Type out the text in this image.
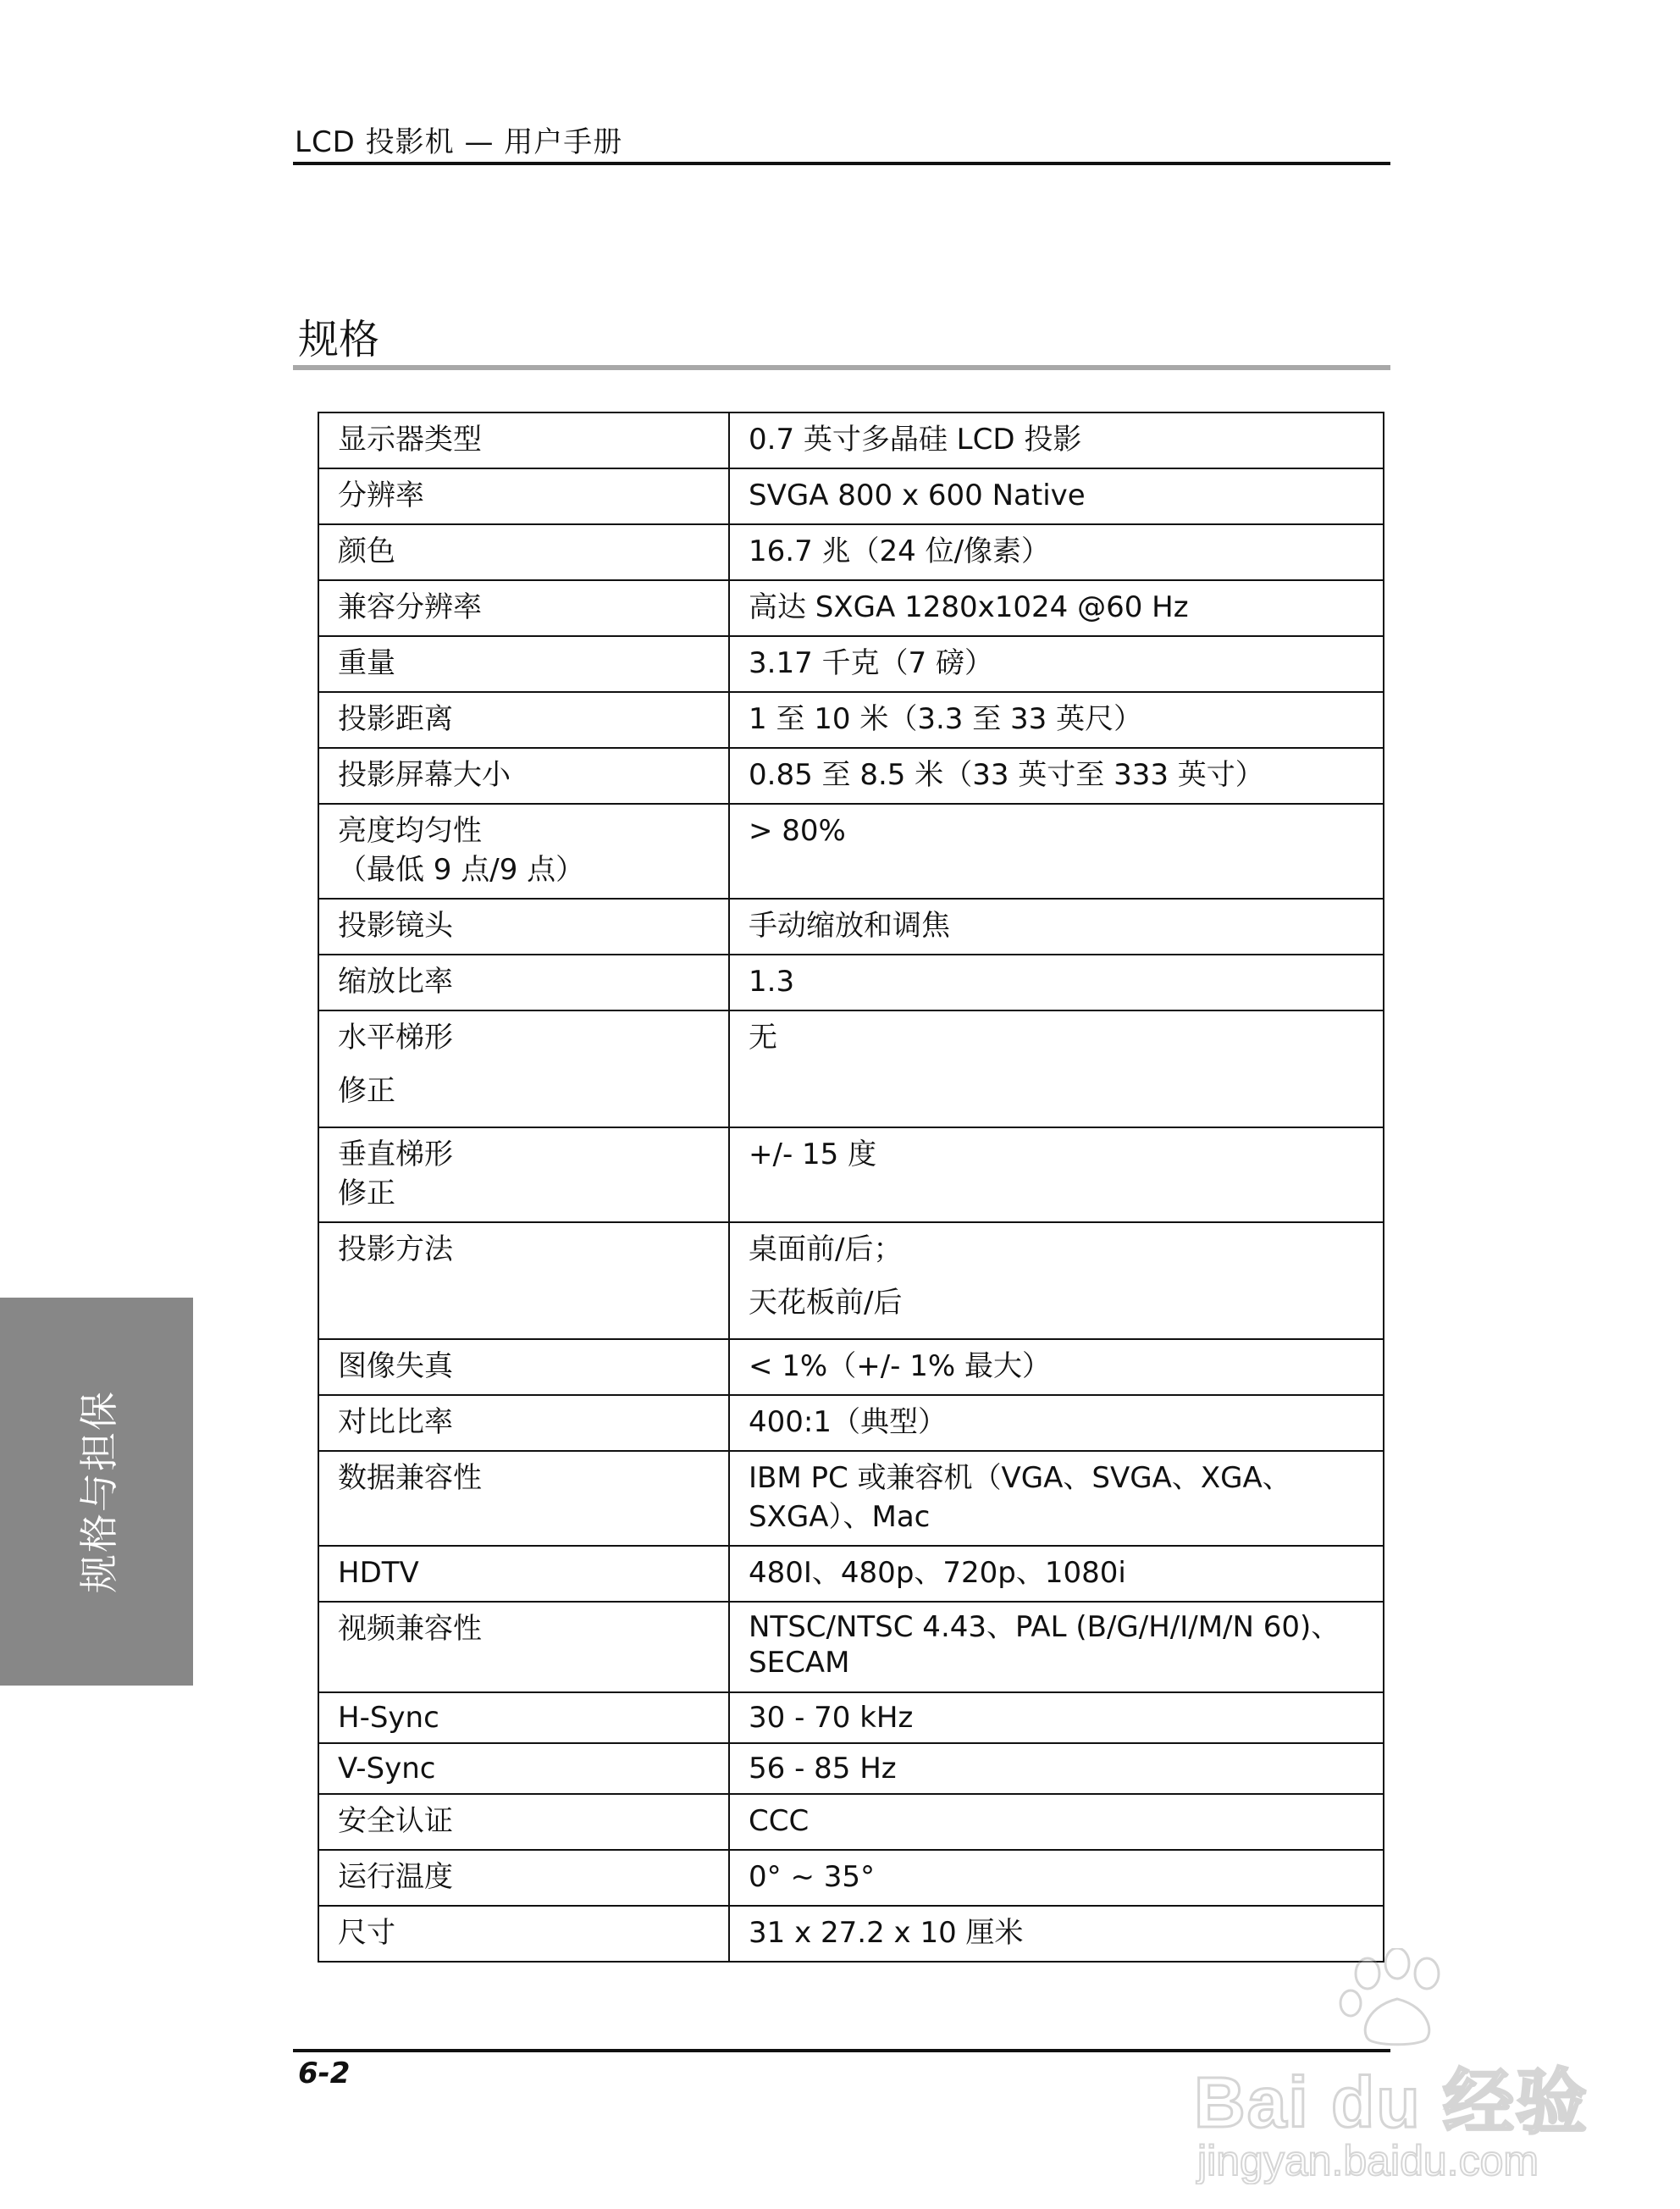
LCD 投影机 — 用户手册
规格
显示器类型	0.7 英寸多晶硅 LCD 投影
分辨率	SVGA 800 x 600 Native
颜色	16.7 兆（24 位/像素）
兼容分辨率	高达 SXGA 1280x1024 @60 Hz
重量	3.17 千克（7 磅）
投影距离	1 至 10 米（3.3 至 33 英尺）
投影屏幕大小	0.85 至 8.5 米（33 英寸至 333 英寸）
亮度均匀性
（最低 9 点/9 点）	> 80%
投影镜头	手动缩放和调焦
缩放比率	1.3
水平梯形
修正	无
垂直梯形
修正	+/- 15 度
投影方法	桌面前/后；
天花板前/后
图像失真	< 1%（+/- 1% 最大）
对比比率	400:1（典型）
数据兼容性	IBM PC 或兼容机（VGA、SVGA、XGA、
SXGA）、Mac
HDTV	480I、480p、720p、1080i
视频兼容性	NTSC/NTSC 4.43、PAL (B/G/H/I/M/N 60)、
SECAM
H-Sync	30 - 70 kHz
V-Sync	56 - 85 Hz
安全认证	CCC
运行温度	0° ~ 35°
尺寸	31 x 27.2 x 10 厘米
规格与担保
6-2	Bai du 经验
jingyan.baidu.com
